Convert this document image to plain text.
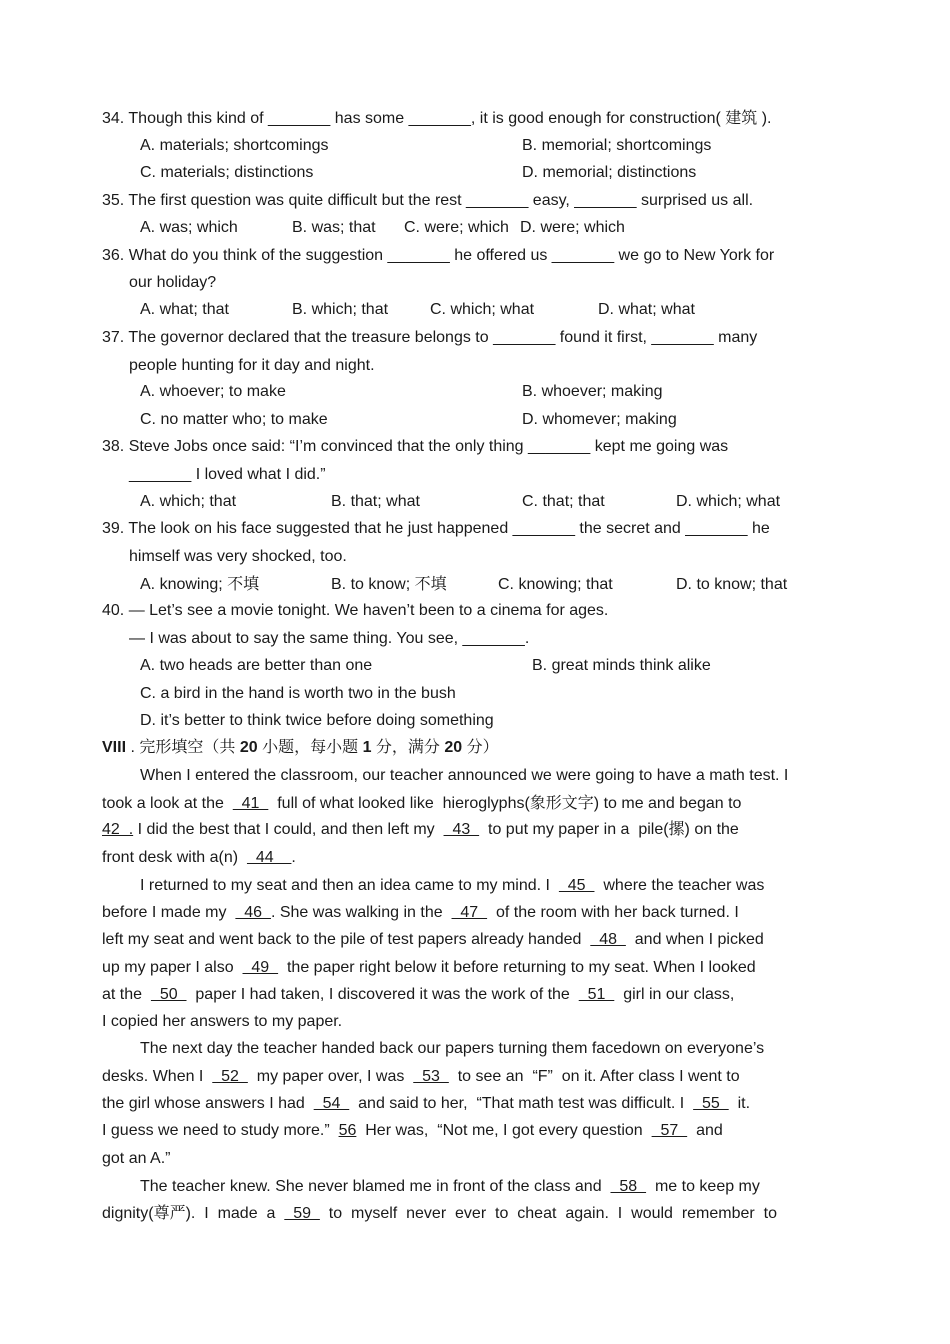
34. Though this kind of _______ has some _______, it is good enough for construction( 建筑 ).
A. materials; shortcomings	B. memorial; shortcomings
C. materials; distinctions	D. memorial; distinctions
35. The first question was quite difficult but the rest _______ easy, _______ surprised us all.
A. was; which	B. was; that C. were; which D. were; which
36. What do you think of the suggestion _______ he offered us _______ we go to New York for
our holiday?
A. what; that	B. which; that	C. which; what	D. what; what
37. The governor declared that the treasure belongs to _______ found it first, _______ many
people hunting for it day and night.
A. whoever; to make	B. whoever; making
C. no matter who; to make	D. whomever; making
38. Steve Jobs once said: “I’m convinced that the only thing _______ kept me going was
_______ I loved what I did.”
A. which; that	B. that; what	C. that; that	D. which; what
39. The look on his face suggested that he just happened _______ the secret and _______ he
himself was very shocked, too.
A. knowing; 不填	B. to know; 不填	C. knowing; that	D. to know; that
40. — Let’s see a movie tonight. We haven’t been to a cinema for ages.
— I was about to say the same thing. You see, _______.
A. two heads are better than one	B. great minds think alike
C. a bird in the hand is worth two in the bush
D. it’s better to think twice before doing something
VIII . 完形填空（共 20 小题，每小题 1 分，满分 20 分）
When I entered the classroom, our teacher announced we were going to have a math test. I
took a look at the    41    full of what looked like  hieroglyphs(象形文字) to me and began to
42  . I did the best that I could, and then left my    43    to put my paper in a  pile(摞) on the
front desk with a(n)    44    .
I returned to my seat and then an idea came to my mind. I    45    where the teacher was
before I made my    46  . She was walking in the    47    of the room with her back turned. I
left my seat and went back to the pile of test papers already handed    48    and when I picked
up my paper I also    49    the paper right below it before returning to my seat. When I looked
at the    50    paper I had taken, I discovered it was the work of the    51    girl in our class,
I copied her answers to my paper.
The next day the teacher handed back our papers turning them facedown on everyone’s
desks. When I    52    my paper over, I was    53    to see an  “F”  on it. After class I went to
the girl whose answers I had    54    and said to her,  “That math test was difficult. I    55    it.
I guess we need to study more.”  56  Her was,  “Not me, I got every question    57    and
got an A.”
The teacher knew. She never blamed me in front of the class and    58    me to keep my
dignity(尊严).  I  made  a    59    to  myself  never  ever  to  cheat  again.  I  would  remember  to
